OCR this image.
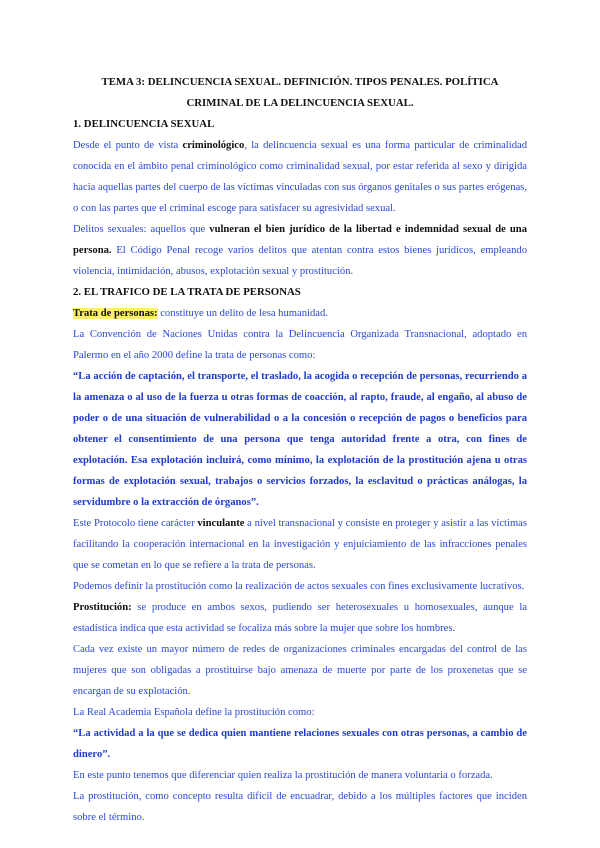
TEMA 3: DELINCUENCIA SEXUAL. DEFINICIÓN. TIPOS PENALES. POLÍTICA
CRIMINAL DE LA DELINCUENCIA SEXUAL.
1. DELINCUENCIA SEXUAL

Desde el punto de vista criminológico, la delincuencia sexual es una forma particular de criminalidad conocida en el ámbito penal criminológico como criminalidad sexual, por estar referida al sexo y dirigida hacia aquellas partes del cuerpo de las víctimas vinculadas con sus órganos genitales o sus partes erógenas, o con las partes que el criminal escoge para satisfacer su agresividad sexual.

Delitos sexuales: aquellos que vulneran el bien jurídico de la libertad e indemnidad sexual de una persona. El Código Penal recoge varios delitos que atentan contra estos bienes jurídicos, empleando violencia, intimidación, abusos, explotación sexual y prostitución.

2. EL TRAFICO DE LA TRATA DE PERSONAS

Trata de personas: constituye un delito de lesa humanidad.

La Convención de Naciones Unidas contra la Delincuencia Organizada Transnacional, adoptado en Palermo en el año 2000 define la trata de personas como:

“La acción de captación, el transporte, el traslado, la acogida o recepción de personas, recurriendo a la amenaza o al uso de la fuerza u otras formas de coacción, al rapto, fraude, al engaño, al abuso de poder o de una situación de vulnerabilidad o a la concesión o recepción de pagos o beneficios para obtener el consentimiento de una persona que tenga autoridad frente a otra, con fines de explotación. Esa explotación incluirá, como mínimo, la explotación de la prostitución ajena u otras formas de explotación sexual, trabajos o servicios forzados, la esclavitud o prácticas análogas, la servidumbre o la extracción de órganos”.

Este Protocolo tiene carácter vinculante a nivel transnacional y consiste en proteger y asistir a las víctimas facilitando la cooperación internacional en la investigación y enjuiciamiento de las infracciones penales que se cometan en lo que se refiere a la trata de personas.

Podemos definir la prostitución como la realización de actos sexuales con fines exclusivamente lucrativos.

Prostitución: se produce en ambos sexos, pudiendo ser heterosexuales u homosexuales, aunque la estadística indica que esta actividad se focaliza más sobre la mujer que sobre los hombres.

Cada vez existe un mayor número de redes de organizaciones criminales encargadas del control de las mujeres que son obligadas a prostituirse bajo amenaza de muerte por parte de los proxenetas que se encargan de su explotación.

La Real Academia Española define la prostitución como:

“La actividad a la que se dedica quien mantiene relaciones sexuales con otras personas, a cambio de dinero”.

En este punto tenemos que diferenciar quien realiza la prostitución de manera voluntaria o forzada.

La prostitución, como concepto resulta difícil de encuadrar, debido a los múltiples factores que inciden sobre el término.
